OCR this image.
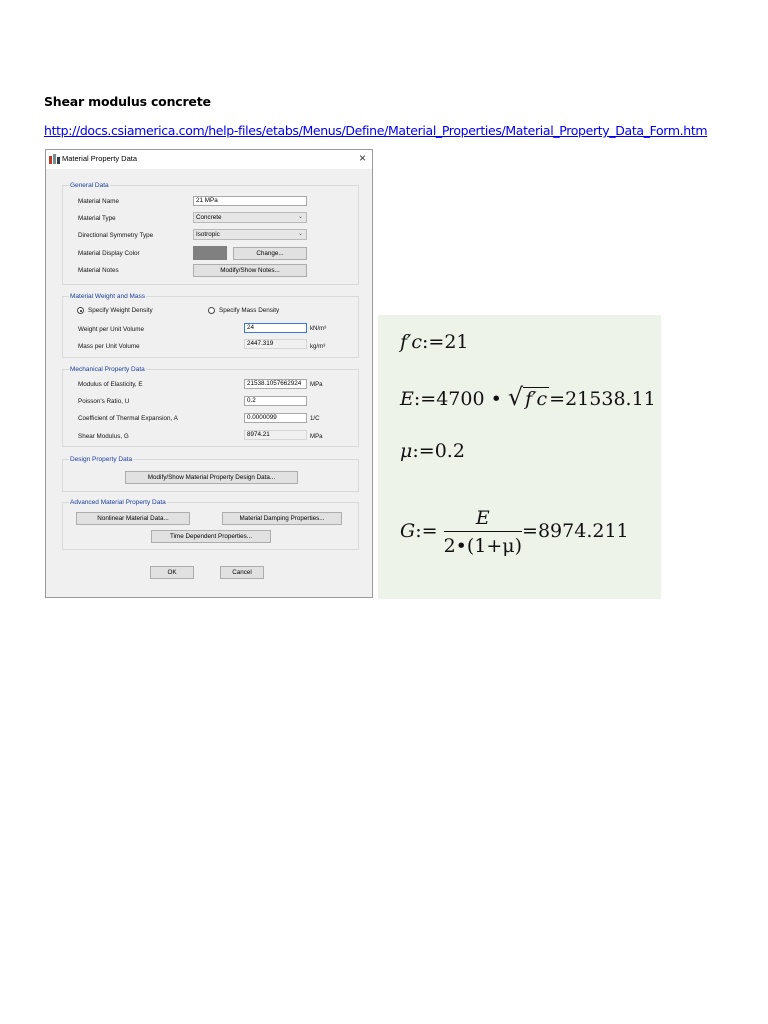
Shear modulus concrete
http://docs.csiamerica.com/help-files/etabs/Menus/Define/Material_Properties/Material_Property_Data_Form.htm
Material Property Data	×
General Data
Material Name	21 MPa
Material Type	Concrete	⌄
Directional Symmetry Type	Isotropic	⌄
Material Display Color	Change...
Material Notes	Modify/Show Notes...
Material Weight and Mass
Specify Weight Density	Specify Mass Density
Weight per Unit Volume	24	kN/m³
Mass per Unit Volume	2447.319	kg/m³
Mechanical Property Data
Modulus of Elasticity, E	21538.1057662924	MPa
Poisson's Ratio, U	0.2
Coefficient of Thermal Expansion, A	0.0000099	1/C
Shear Modulus, G	8974.21	MPa
Design Property Data
Modify/Show Material Property Design Data...
Advanced Material Property Data
Nonlinear Material Data...	Material Damping Properties...
Time Dependent Properties...
OK	Cancel
f′c:=21
E:=4700 • √ f′c =21538.11
μ:=0.2
G:= $\frac{E}{2•(1+\mu)} =8974.211$
